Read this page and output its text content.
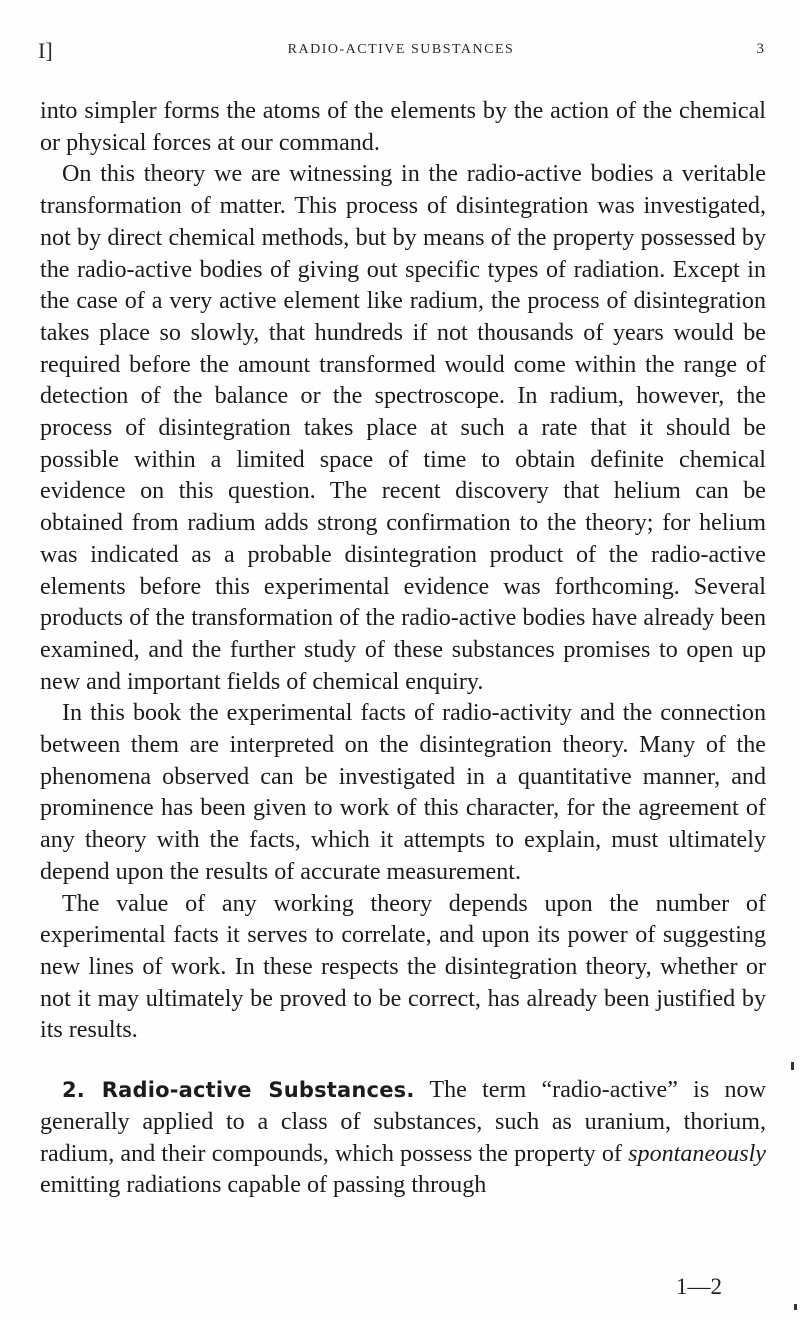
I]	RADIO-ACTIVE SUBSTANCES	3

into simpler forms the atoms of the elements by the action of the chemical or physical forces at our command.

On this theory we are witnessing in the radio-active bodies a veritable transformation of matter. This process of disintegration was investigated, not by direct chemical methods, but by means of the property possessed by the radio-active bodies of giving out specific types of radiation. Except in the case of a very active element like radium, the process of disintegration takes place so slowly, that hundreds if not thousands of years would be required before the amount transformed would come within the range of detection of the balance or the spectroscope. In radium, however, the process of disintegration takes place at such a rate that it should be possible within a limited space of time to obtain definite chemical evidence on this question. The recent discovery that helium can be obtained from radium adds strong confirmation to the theory; for helium was indicated as a probable disintegration product of the radio-active elements before this experimental evidence was forthcoming. Several products of the transformation of the radio-active bodies have already been examined, and the further study of these substances promises to open up new and important fields of chemical enquiry.

In this book the experimental facts of radio-activity and the connection between them are interpreted on the disintegration theory. Many of the phenomena observed can be investigated in a quantitative manner, and prominence has been given to work of this character, for the agreement of any theory with the facts, which it attempts to explain, must ultimately depend upon the results of accurate measurement.

The value of any working theory depends upon the number of experimental facts it serves to correlate, and upon its power of suggesting new lines of work. In these respects the disintegration theory, whether or not it may ultimately be proved to be correct, has already been justified by its results.

2. Radio-active Substances. The term “radio-active” is now generally applied to a class of substances, such as uranium, thorium, radium, and their compounds, which possess the property of spontaneously emitting radiations capable of passing through

1—2
